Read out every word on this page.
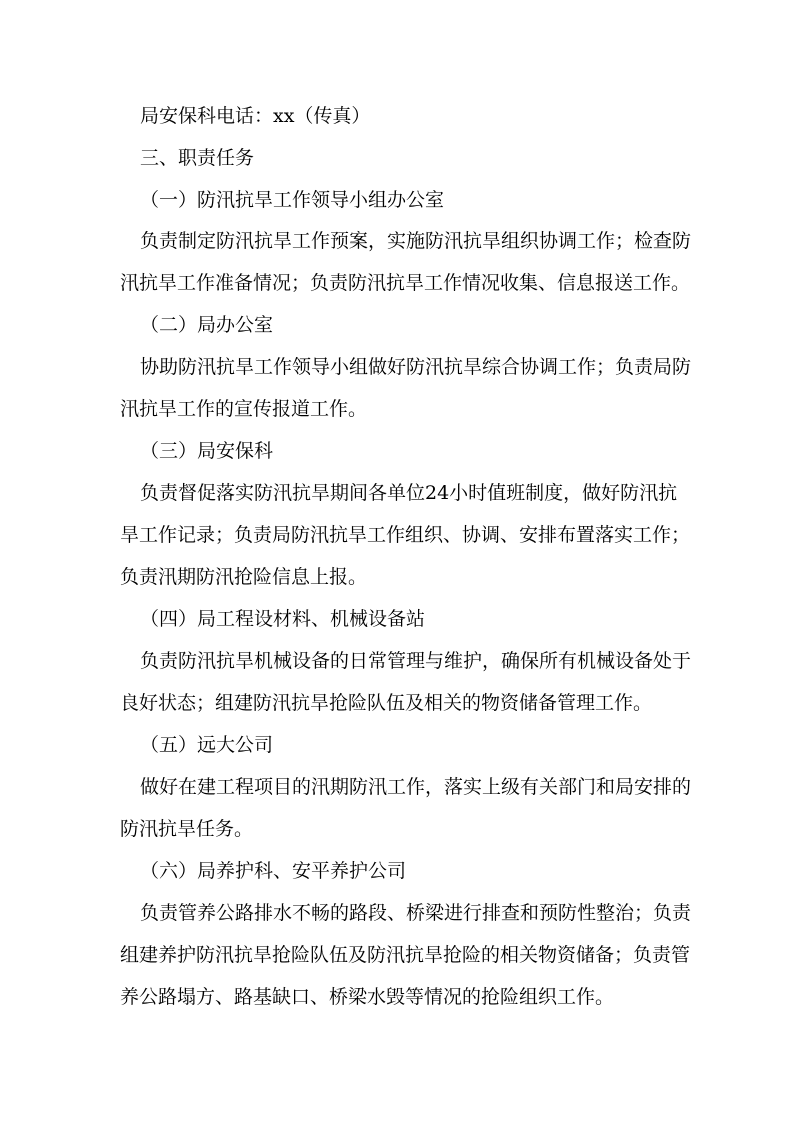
局安保科电话：xx（传真）

三、职责任务

（一）防汛抗旱工作领导小组办公室

负责制定防汛抗旱工作预案，实施防汛抗旱组织协调工作；检查防

汛抗旱工作准备情况；负责防汛抗旱工作情况收集、信息报送工作。

（二）局办公室

协助防汛抗旱工作领导小组做好防汛抗旱综合协调工作；负责局防

汛抗旱工作的宣传报道工作。

（三）局安保科

负责督促落实防汛抗旱期间各单位24小时值班制度，做好防汛抗

旱工作记录；负责局防汛抗旱工作组织、协调、安排布置落实工作；

负责汛期防汛抢险信息上报。

（四）局工程设材料、机械设备站

负责防汛抗旱机械设备的日常管理与维护，确保所有机械设备处于

良好状态；组建防汛抗旱抢险队伍及相关的物资储备管理工作。

（五）远大公司

做好在建工程项目的汛期防汛工作，落实上级有关部门和局安排的

防汛抗旱任务。

（六）局养护科、安平养护公司

负责管养公路排水不畅的路段、桥梁进行排查和预防性整治；负责

组建养护防汛抗旱抢险队伍及防汛抗旱抢险的相关物资储备；负责管

养公路塌方、路基缺口、桥梁水毁等情况的抢险组织工作。
